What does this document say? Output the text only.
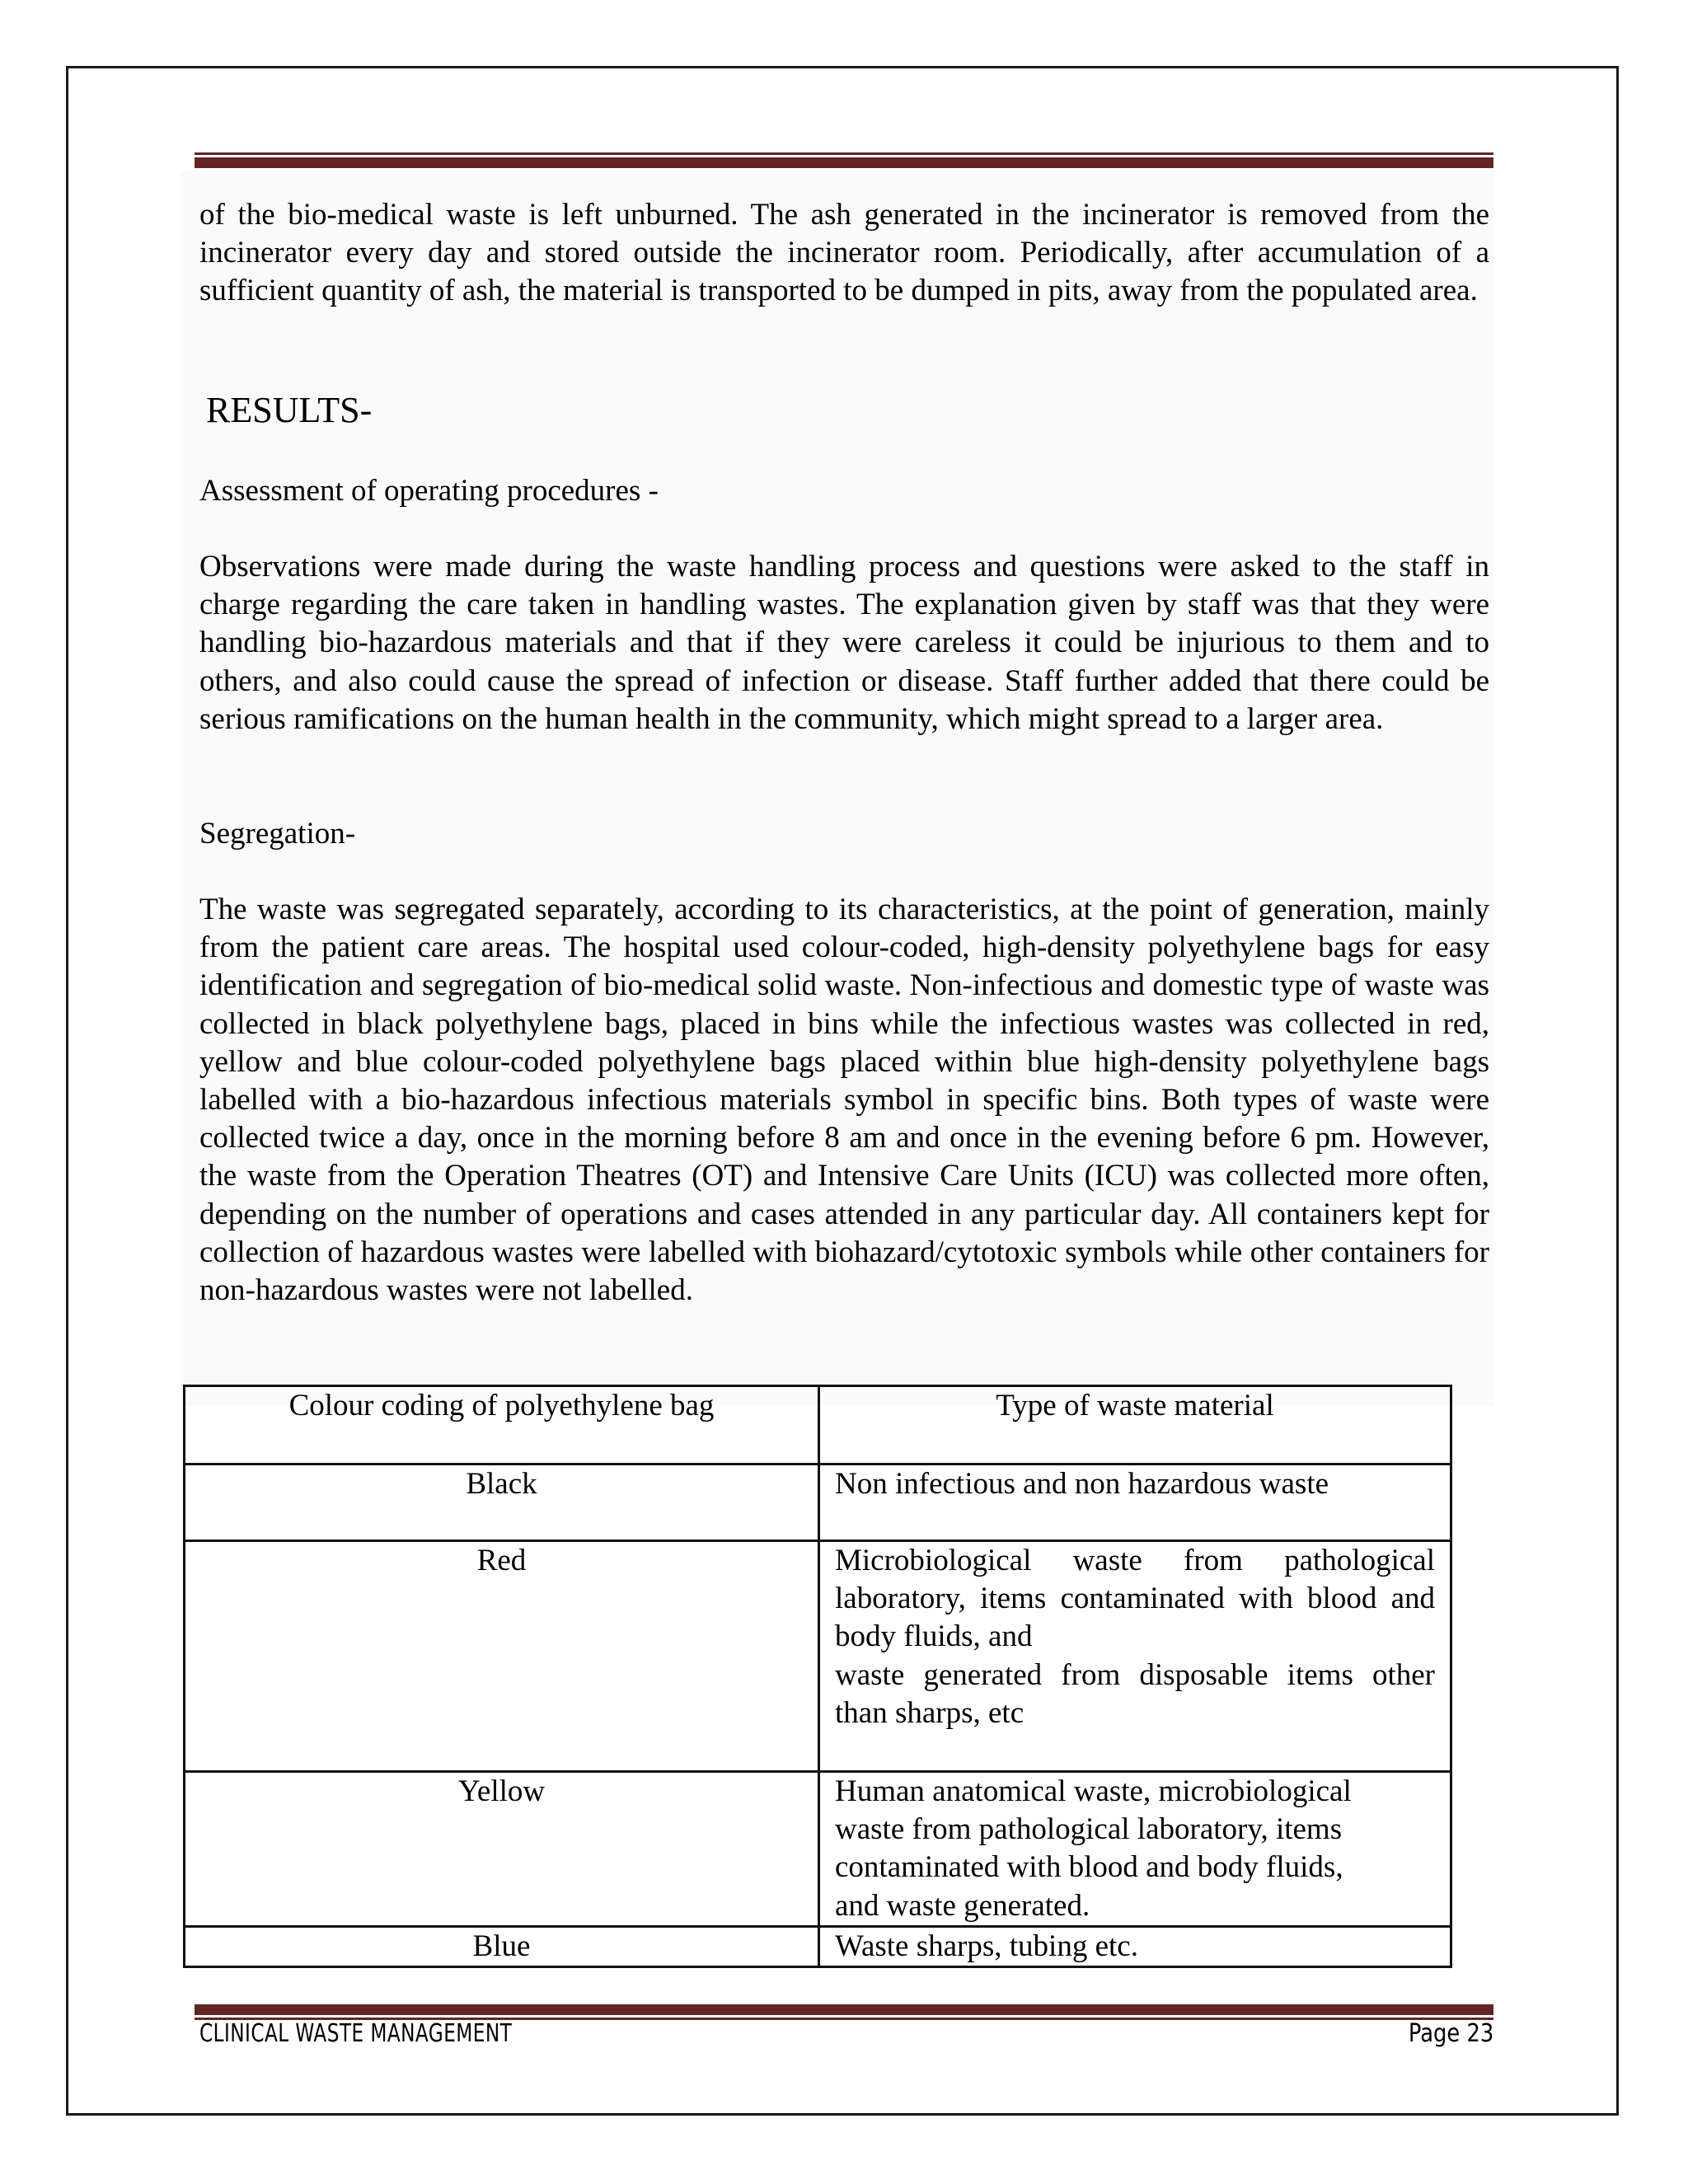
of the bio-medical waste is left unburned. The ash generated in the incinerator is removed from the incinerator every day and stored outside the incinerator room. Periodically, after accumulation of a sufficient quantity of ash, the material is transported to be dumped in pits, away from the populated area.
RESULTS-
Assessment of operating procedures -
Observations were made during the waste handling process and questions were asked to the staff in charge regarding the care taken in handling wastes. The explanation given by staff was that they were handling bio-hazardous materials and that if they were careless it could be injurious to them and to others, and also could cause the spread of infection or disease. Staff further added that there could be serious ramifications on the human health in the community, which might spread to a larger area.
Segregation-
The waste was segregated separately, according to its characteristics, at the point of generation, mainly from the patient care areas. The hospital used colour-coded, high-density polyethylene bags for easy identification and segregation of bio-medical solid waste. Non-infectious and domestic type of waste was collected in black polyethylene bags, placed in bins while the infectious wastes was collected in red, yellow and blue colour-coded polyethylene bags placed within blue high-density polyethylene bags labelled with a bio-hazardous infectious materials symbol in specific bins. Both types of waste were collected twice a day, once in the morning before 8 am and once in the evening before 6 pm. However, the waste from the Operation Theatres (OT) and Intensive Care Units (ICU) was collected more often, depending on the number of operations and cases attended in any particular day. All containers kept for collection of hazardous wastes were labelled with biohazard/cytotoxic symbols while other containers for non-hazardous wastes were not labelled.
Colour coding of polyethylene bag	Type of waste material
Black	Non infectious and non hazardous waste
Red	Microbiological waste from pathological laboratory, items contaminated with blood and body fluids, and
waste generated from disposable items other than sharps, etc

Yellow	Human anatomical waste, microbiological
waste from pathological laboratory, items
contaminated with blood and body fluids,
and waste generated.

Blue	Waste sharps, tubing etc.
CLINICAL WASTE MANAGEMENT	Page 23
